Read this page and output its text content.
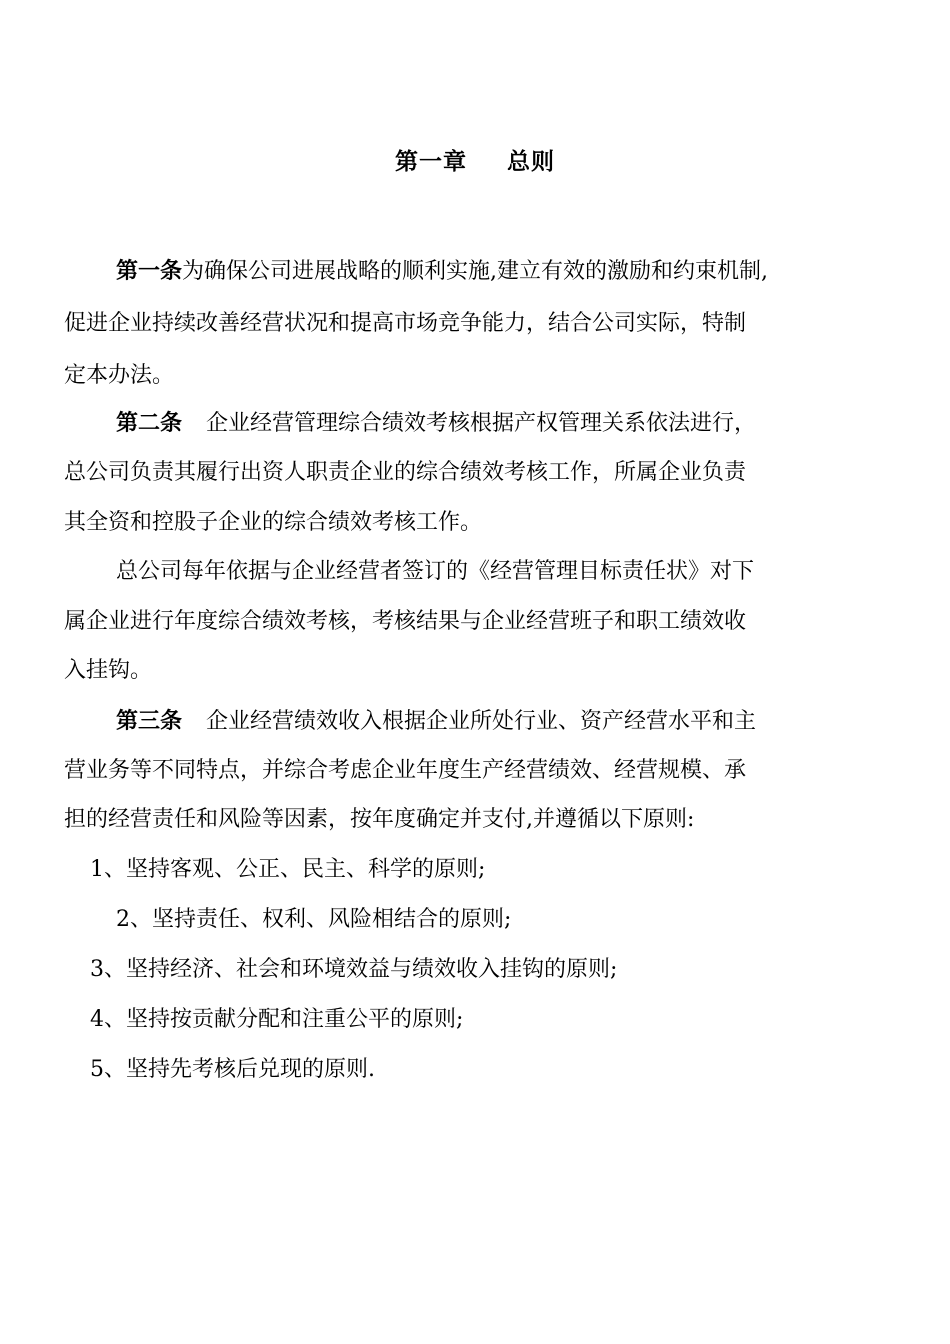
第一章 总则
第一条为确保公司进展战略的顺利实施,建立有效的激励和约束机制,
促进企业持续改善经营状况和提高市场竞争能力，结合公司实际，特制
定本办法。
第二条 企业经营管理综合绩效考核根据产权管理关系依法进行，
总公司负责其履行出资人职责企业的综合绩效考核工作，所属企业负责
其全资和控股子企业的综合绩效考核工作。
总公司每年依据与企业经营者签订的《经营管理目标责任状》对下
属企业进行年度综合绩效考核，考核结果与企业经营班子和职工绩效收
入挂钩。
第三条 企业经营绩效收入根据企业所处行业、资产经营水平和主
营业务等不同特点，并综合考虑企业年度生产经营绩效、经营规模、承
担的经营责任和风险等因素，按年度确定并支付,并遵循以下原则:
1、坚持客观、公正、民主、科学的原则;
2、坚持责任、权利、风险相结合的原则;
3、坚持经济、社会和环境效益与绩效收入挂钩的原则;
4、坚持按贡献分配和注重公平的原则;
5、坚持先考核后兑现的原则.
